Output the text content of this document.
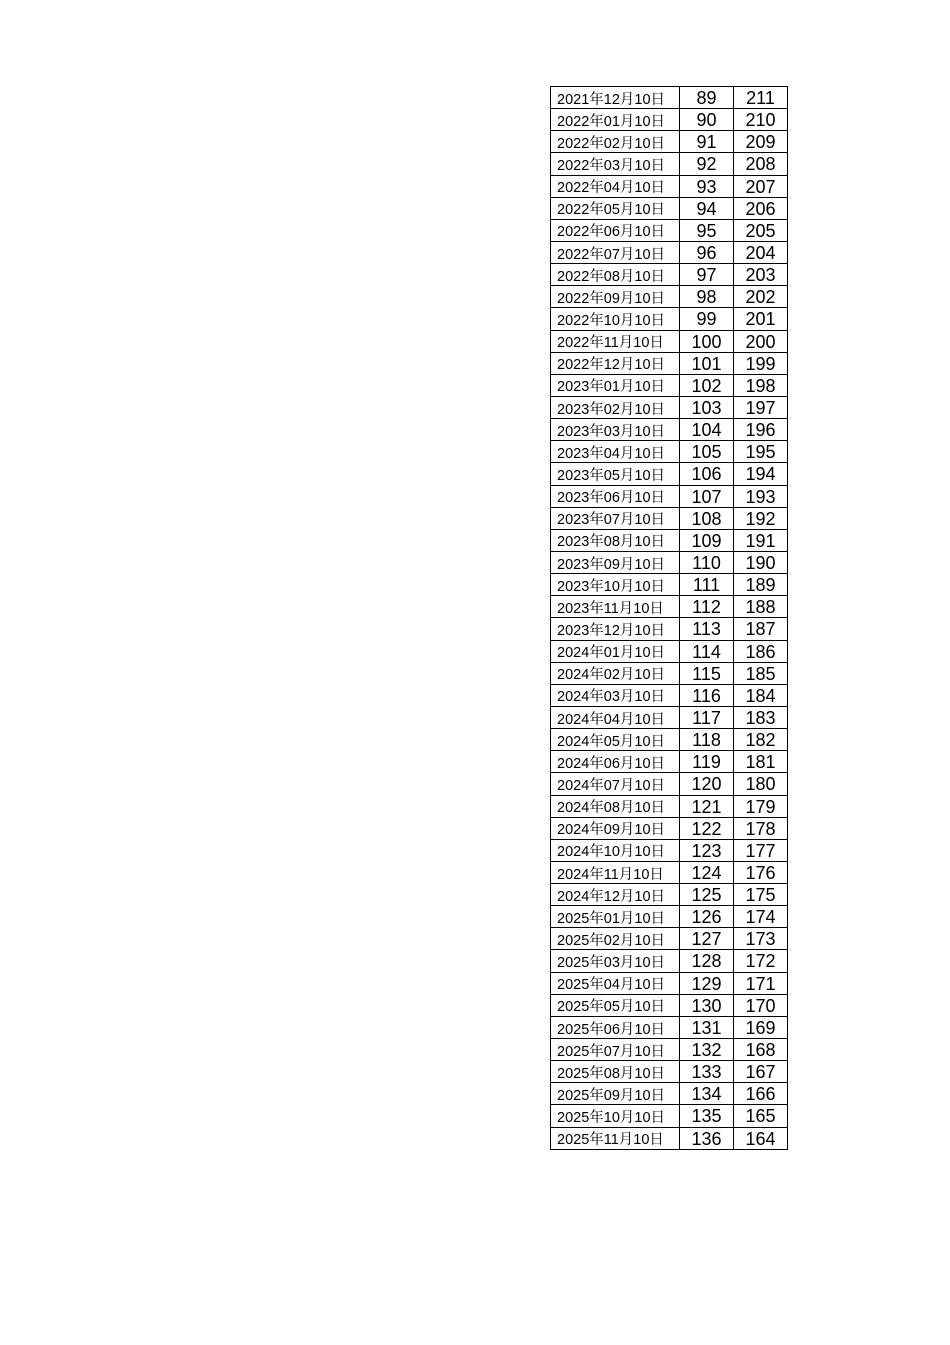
2021年12月10日	89	211
2022年01月10日	90	210
2022年02月10日	91	209
2022年03月10日	92	208
2022年04月10日	93	207
2022年05月10日	94	206
2022年06月10日	95	205
2022年07月10日	96	204
2022年08月10日	97	203
2022年09月10日	98	202
2022年10月10日	99	201
2022年11月10日	100	200
2022年12月10日	101	199
2023年01月10日	102	198
2023年02月10日	103	197
2023年03月10日	104	196
2023年04月10日	105	195
2023年05月10日	106	194
2023年06月10日	107	193
2023年07月10日	108	192
2023年08月10日	109	191
2023年09月10日	110	190
2023年10月10日	111	189
2023年11月10日	112	188
2023年12月10日	113	187
2024年01月10日	114	186
2024年02月10日	115	185
2024年03月10日	116	184
2024年04月10日	117	183
2024年05月10日	118	182
2024年06月10日	119	181
2024年07月10日	120	180
2024年08月10日	121	179
2024年09月10日	122	178
2024年10月10日	123	177
2024年11月10日	124	176
2024年12月10日	125	175
2025年01月10日	126	174
2025年02月10日	127	173
2025年03月10日	128	172
2025年04月10日	129	171
2025年05月10日	130	170
2025年06月10日	131	169
2025年07月10日	132	168
2025年08月10日	133	167
2025年09月10日	134	166
2025年10月10日	135	165
2025年11月10日	136	164
